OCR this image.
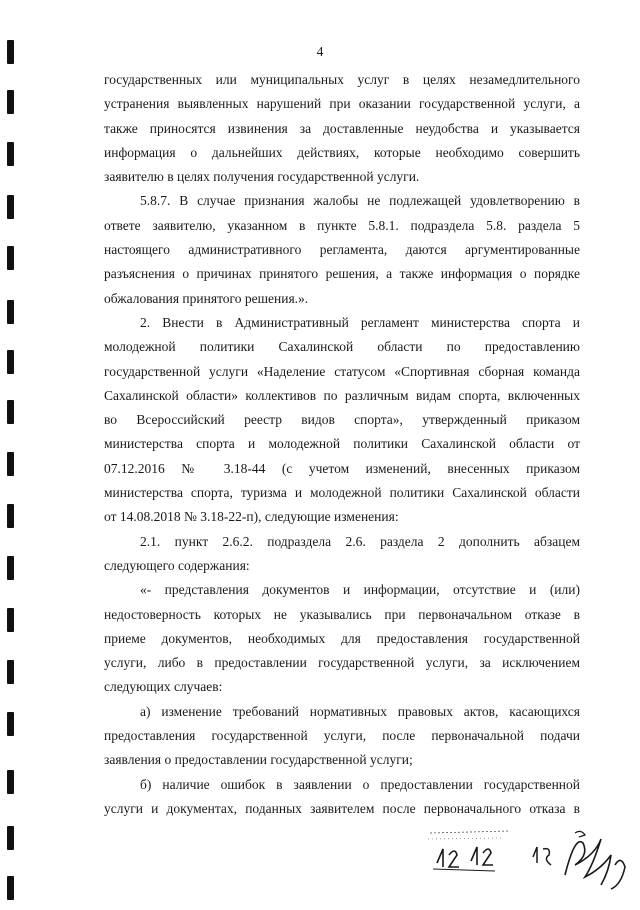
4
государственных или муниципальных услуг в целях незамедлительного
устранения выявленных нарушений при оказании государственной услуги, а
также приносятся извинения за доставленные неудобства и указывается
информация о дальнейших действиях, которые необходимо совершить
заявителю в целях получения государственной услуги.
5.8.7. В случае признания жалобы не подлежащей удовлетворению в
ответе заявителю, указанном в пункте 5.8.1. подраздела 5.8. раздела 5
настоящего административного регламента, даются аргументированные
разъяснения о причинах принятого решения, а также информация о порядке
обжалования принятого решения.».
2. Внести в Административный регламент министерства спорта и
молодежной политики Сахалинской области по предоставлению
государственной услуги «Наделение статусом «Спортивная сборная команда
Сахалинской области» коллективов по различным видам спорта, включенных
во Всероссийский реестр видов спорта», утвержденный приказом
министерства спорта и молодежной политики Сахалинской области от
07.12.2016 № 3.18-44 (с учетом изменений, внесенных приказом
министерства спорта, туризма и молодежной политики Сахалинской области
от 14.08.2018 № 3.18-22-п), следующие изменения:
2.1. пункт 2.6.2. подраздела 2.6. раздела 2 дополнить абзацем
следующего содержания:
«- представления документов и информации, отсутствие и (или)
недостоверность которых не указывались при первоначальном отказе в
приеме документов, необходимых для предоставления государственной
услуги, либо в предоставлении государственной услуги, за исключением
следующих случаев:
а) изменение требований нормативных правовых актов, касающихся
предоставления государственной услуги, после первоначальной подачи
заявления о предоставлении государственной услуги;
б) наличие ошибок в заявлении о предоставлении государственной
услуги и документах, поданных заявителем после первоначального отказа в
